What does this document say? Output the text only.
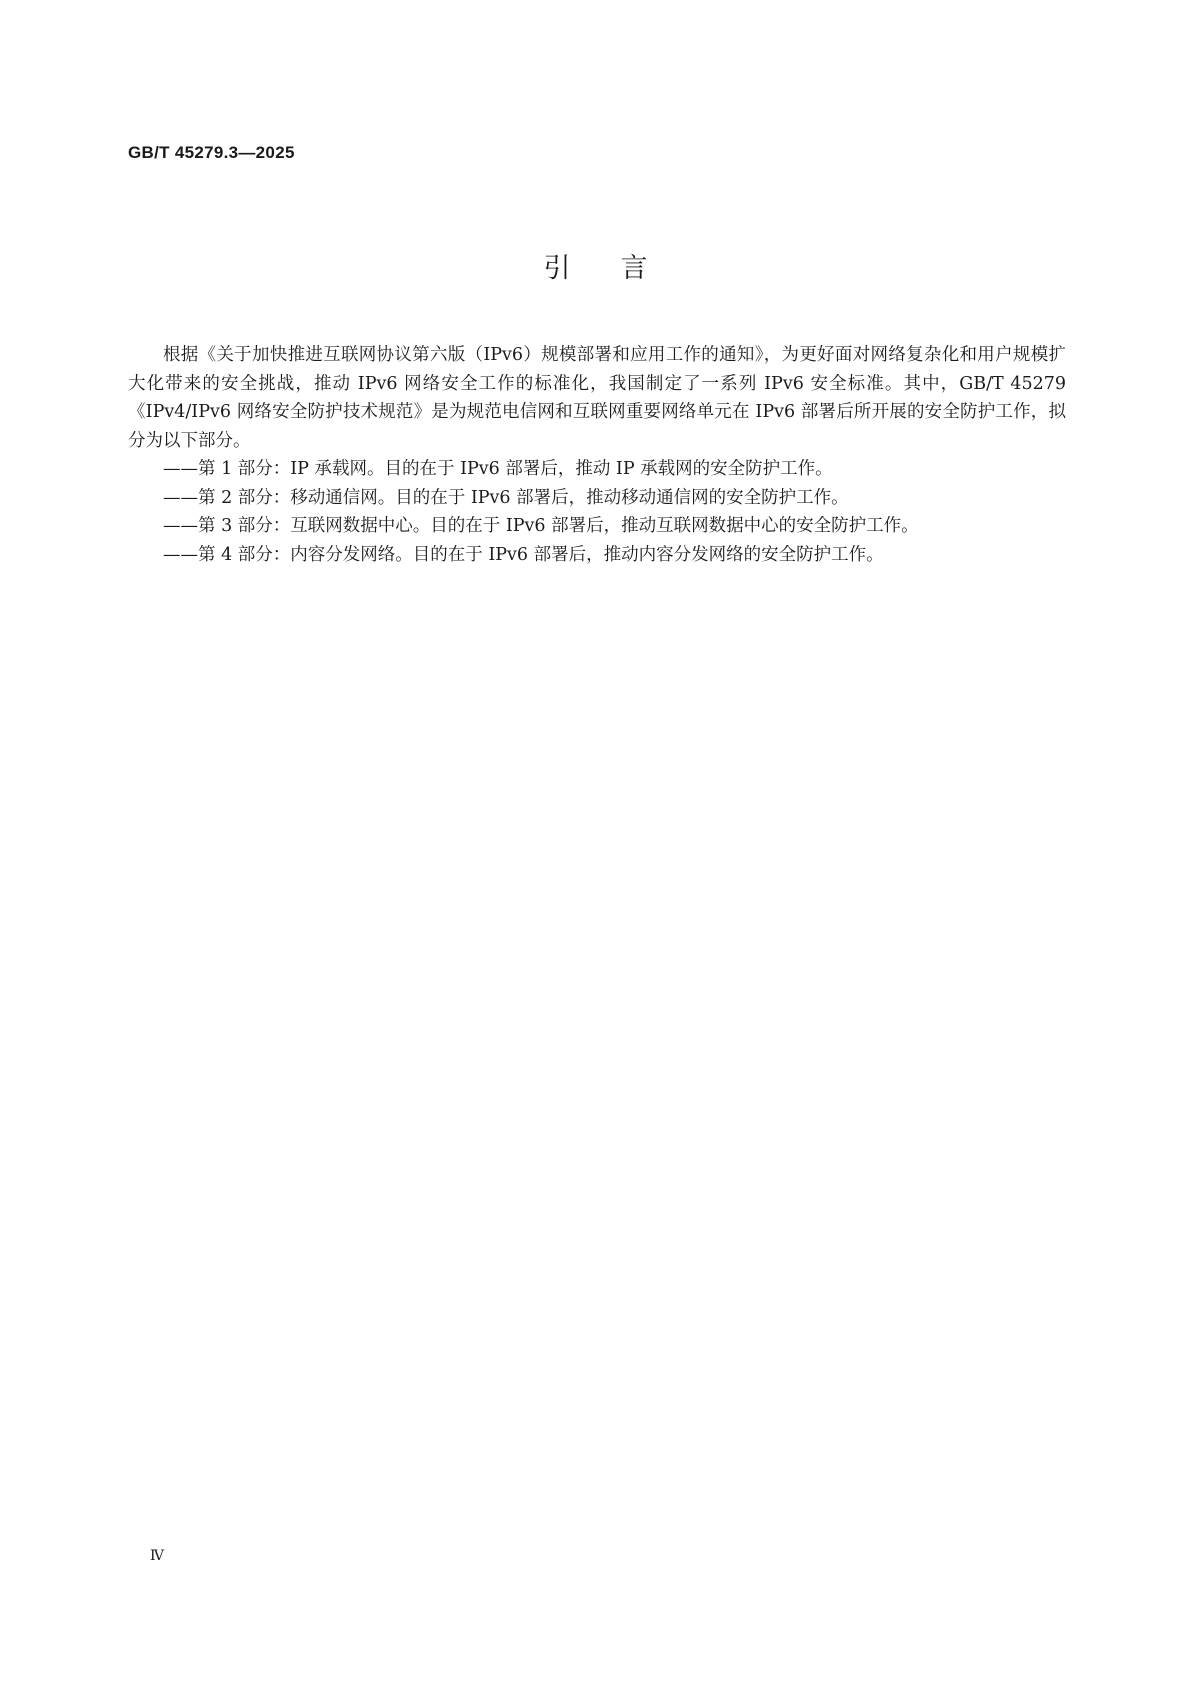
GB/T 45279.3—2025
引言

根据《关于加快推进互联网协议第六版（IPv6）规模部署和应用工作的通知》，为更好面对网络复杂化和用户规模扩大化带来的安全挑战，推动 IPv6 网络安全工作的标准化，我国制定了一系列 IPv6 安全标准。其中，GB/T 45279《IPv4/IPv6 网络安全防护技术规范》是为规范电信网和互联网重要网络单元在 IPv6 部署后所开展的安全防护工作，拟分为以下部分。

——第 1 部分：IP 承载网。目的在于 IPv6 部署后，推动 IP 承载网的安全防护工作。

——第 2 部分：移动通信网。目的在于 IPv6 部署后，推动移动通信网的安全防护工作。

——第 3 部分：互联网数据中心。目的在于 IPv6 部署后，推动互联网数据中心的安全防护工作。

——第 4 部分：内容分发网络。目的在于 IPv6 部署后，推动内容分发网络的安全防护工作。

Ⅳ
